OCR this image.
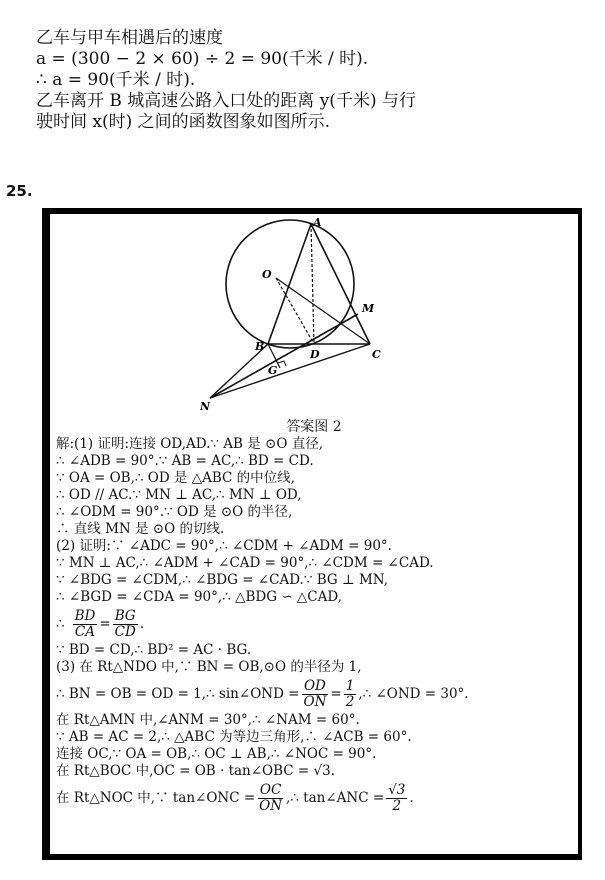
乙车与甲车相遇后的速度
a = (300 − 2 × 60) ÷ 2 = 90(千米 / 时).
∴ a = 90(千米 / 时).
乙车离开 B 城高速公路入口处的距离 y(千米) 与行
驶时间 x(时) 之间的函数图象如图所示.
25.
A
O
M
B
D	C
G
N
答案图 2
解:(1) 证明:连接 OD,AD.∵ AB 是 ⊙O 直径,
∴ ∠ADB = 90°.∵ AB = AC,∴ BD = CD.
∵ OA = OB,∴ OD 是 △ABC 的中位线,
∴ OD // AC.∵ MN ⊥ AC,∴ MN ⊥ OD,
∴ ∠ODM = 90°.∵ OD 是 ⊙O 的半径,
∴ 直线 MN 是 ⊙O 的切线.
(2) 证明:∵ ∠ADC = 90°,∴ ∠CDM + ∠ADM = 90°.
∵ MN ⊥ AC,∴ ∠ADM + ∠CAD = 90°,∴ ∠CDM = ∠CAD.
∵ ∠BDG = ∠CDM,∴ ∠BDG = ∠CAD.∵ BG ⊥ MN,
∴ ∠BGD = ∠CDA = 90°,∴ △BDG ∽ △CAD,
∴ $\frac{BD}{CA} = \frac{BG}{CD}$ .
∵ BD = CD,∴ BD² = AC · BG.
(3) 在 Rt△NDO 中,∵ BN = OB,⊙O 的半径为 1,
∴ BN = OB = OD = 1,∴ sin∠OND = $\frac{OD}{ON} = \frac{1}{2}$ ,∴ ∠OND = 30°.
在 Rt△AMN 中,∠ANM = 30°,∴ ∠NAM = 60°.
∵ AB = AC = 2,∴ △ABC 为等边三角形,∴ ∠ACB = 60°.
连接 OC,∵ OA = OB,∴ OC ⊥ AB,∴ ∠NOC = 90°.
在 Rt△BOC 中,OC = OB · tan∠OBC = √3.
在 Rt△NOC 中,∵ tan∠ONC = $\frac{OC}{ON}$ ,∴ tan∠ANC = $\frac{√3}{2}$ .
